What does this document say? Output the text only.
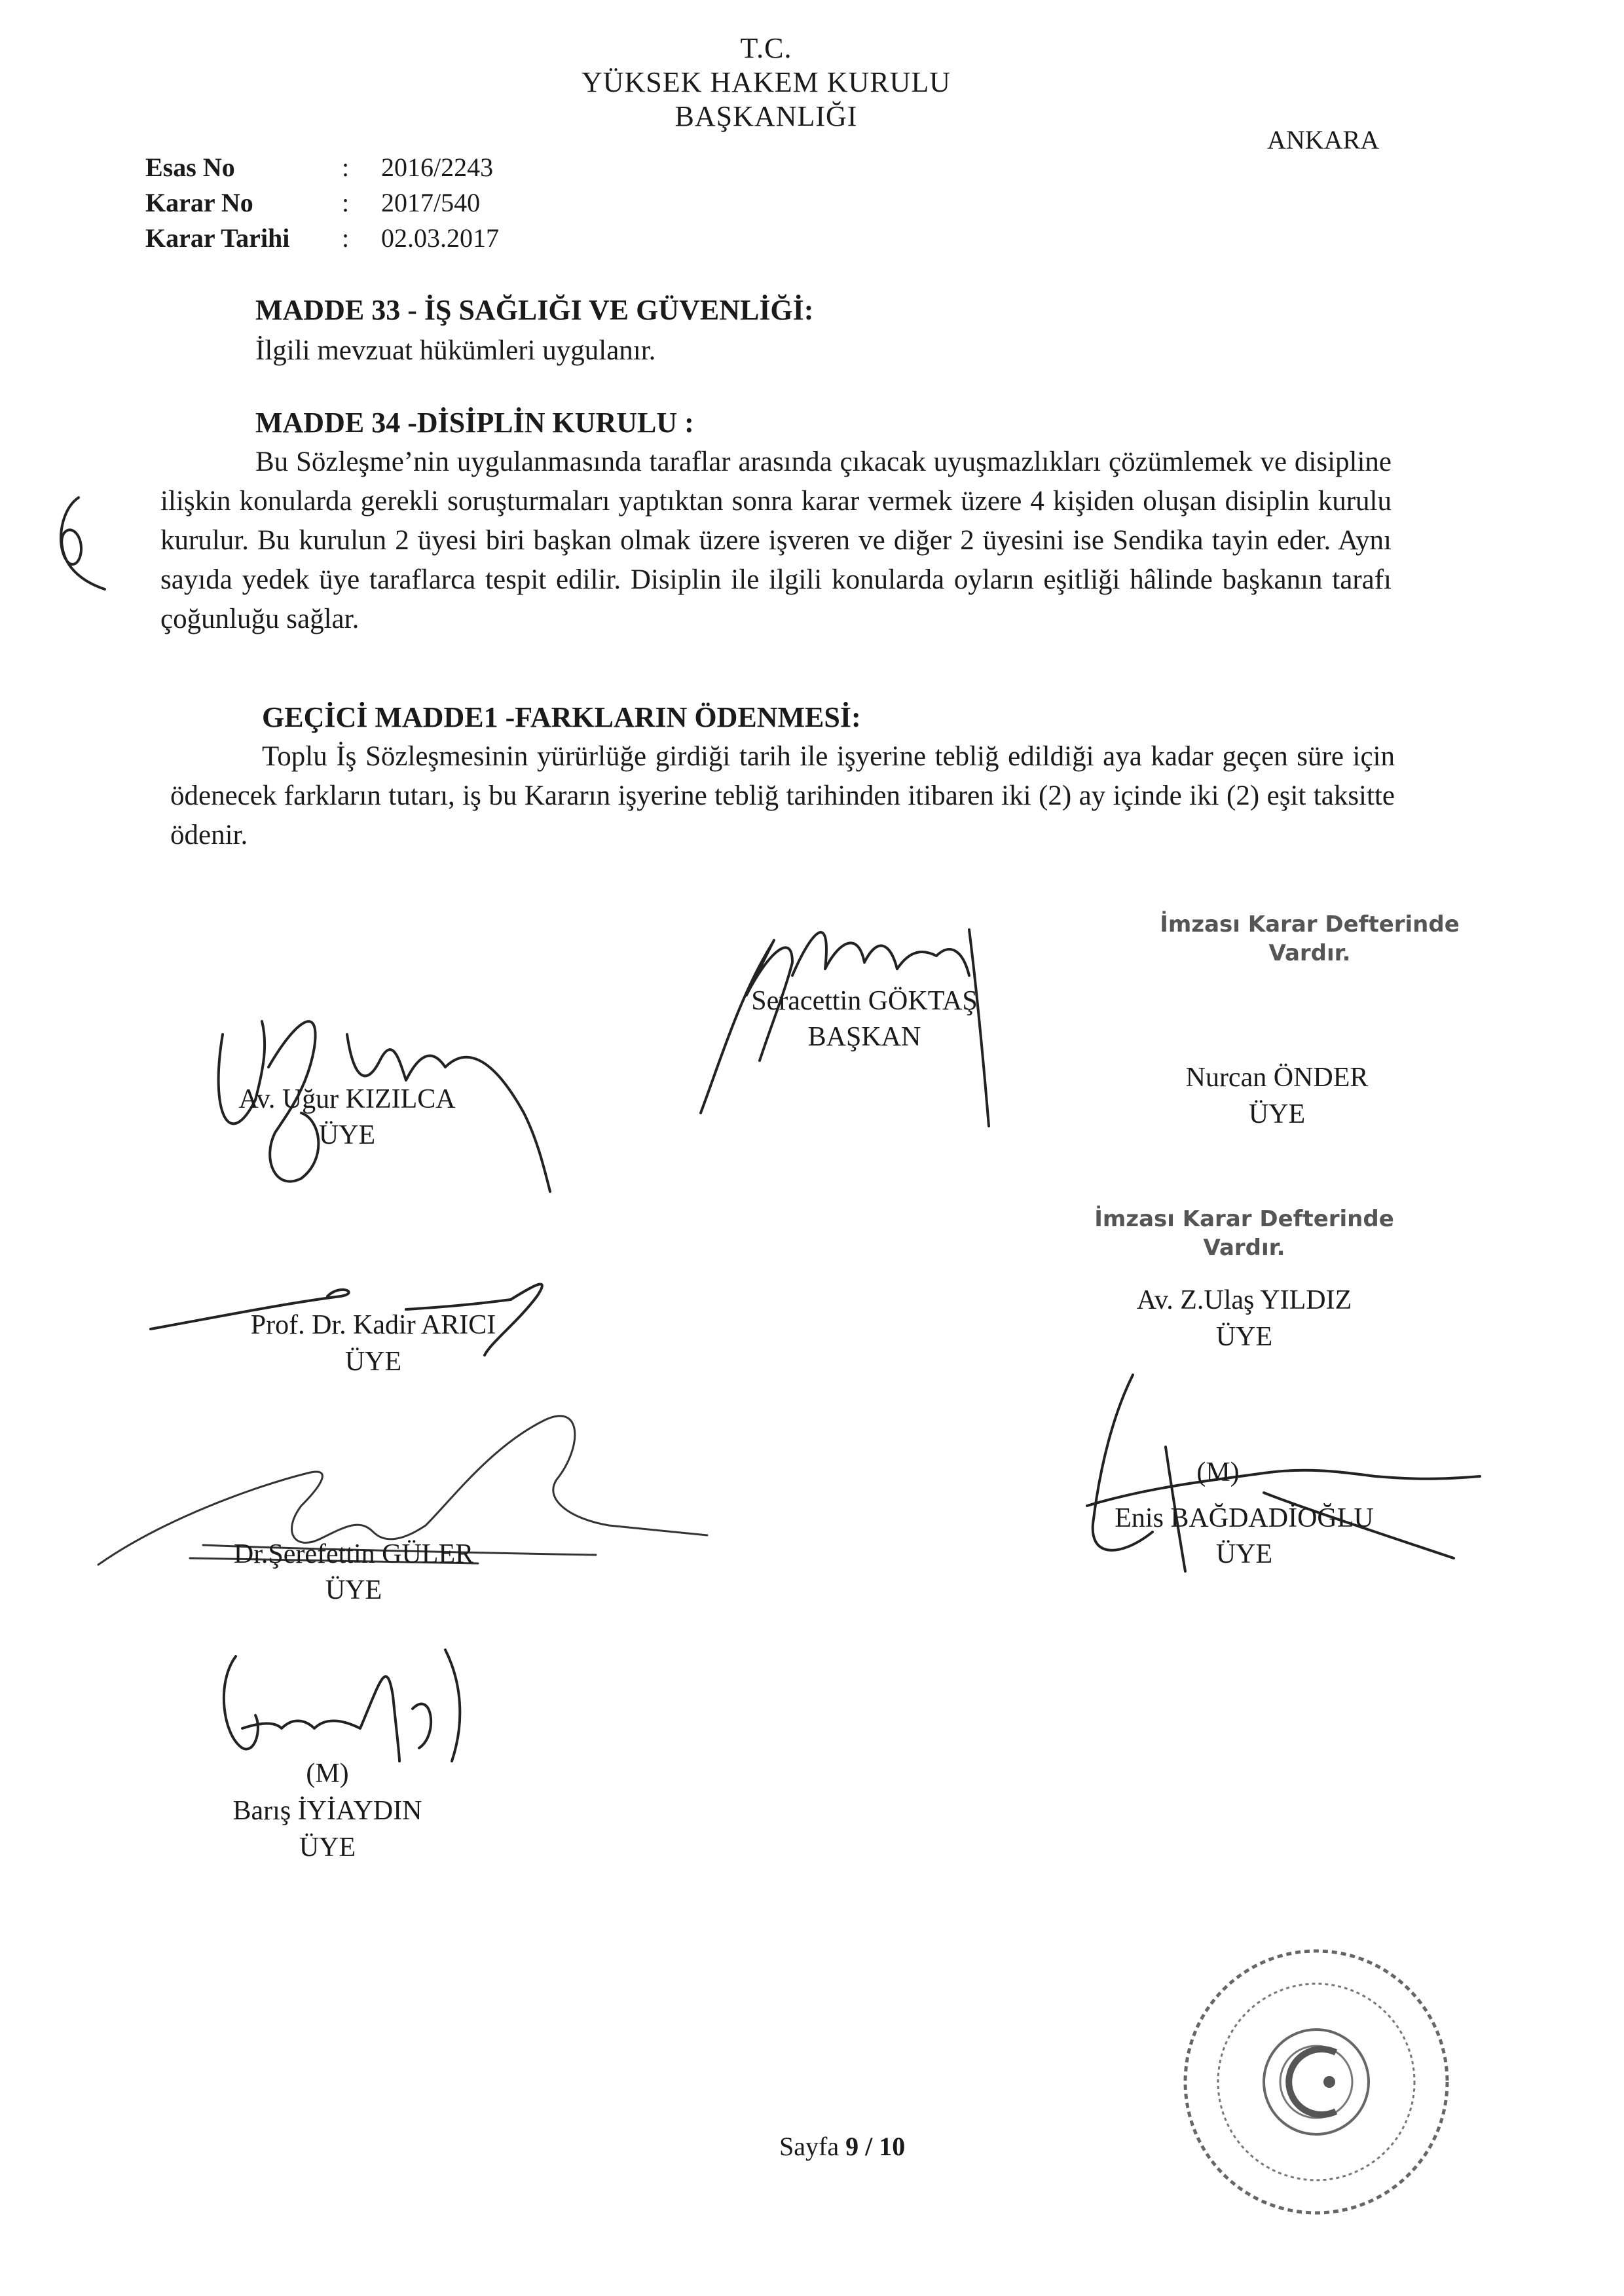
T.C.
YÜKSEK HAKEM KURULU
BAŞKANLIĞI
ANKARA
Esas No	: 2016/2243
Karar No	: 2017/540
Karar Tarihi : 02.03.2017
MADDE 33 - İŞ SAĞLIĞI VE GÜVENLİĞİ:
İlgili mevzuat hükümleri uygulanır.
MADDE 34 -DİSİPLİN KURULU :
Bu Sözleşme’nin uygulanmasında taraflar arasında çıkacak uyuşmazlıkları çözümlemek ve disipline ilişkin konularda gerekli soruşturmaları yaptıktan sonra karar vermek üzere 4 kişiden oluşan disiplin kurulu kurulur. Bu kurulun 2 üyesi biri başkan olmak üzere işveren ve diğer 2 üyesini ise Sendika tayin eder. Aynı sayıda yedek üye taraflarca tespit edilir. Disiplin ile ilgili konularda oyların eşitliği hâlinde başkanın tarafı çoğunluğu sağlar.
GEÇİCİ MADDE1 -FARKLARIN ÖDENMESİ:
Toplu İş Sözleşmesinin yürürlüğe girdiği tarih ile işyerine tebliğ edildiği aya kadar geçen süre için ödenecek farkların tutarı, iş bu Kararın işyerine tebliğ tarihinden itibaren iki (2) ay içinde iki (2) eşit taksitte ödenir.
Seracettin GÖKTAŞ
BAŞKAN
Av. Uğur KIZILCA
ÜYE
İmzası Karar Defterinde
Vardır.
Nurcan ÖNDER
ÜYE
İmzası Karar Defterinde
Vardır.
Av. Z.Ulaş YILDIZ
ÜYE
Prof. Dr. Kadir ARICI
ÜYE
Dr.Şerefettin GÜLER
ÜYE
(M)
Enis BAĞDADİOĞLU
ÜYE
(M)
Barış İYİAYDIN
ÜYE
Sayfa 9 / 10
